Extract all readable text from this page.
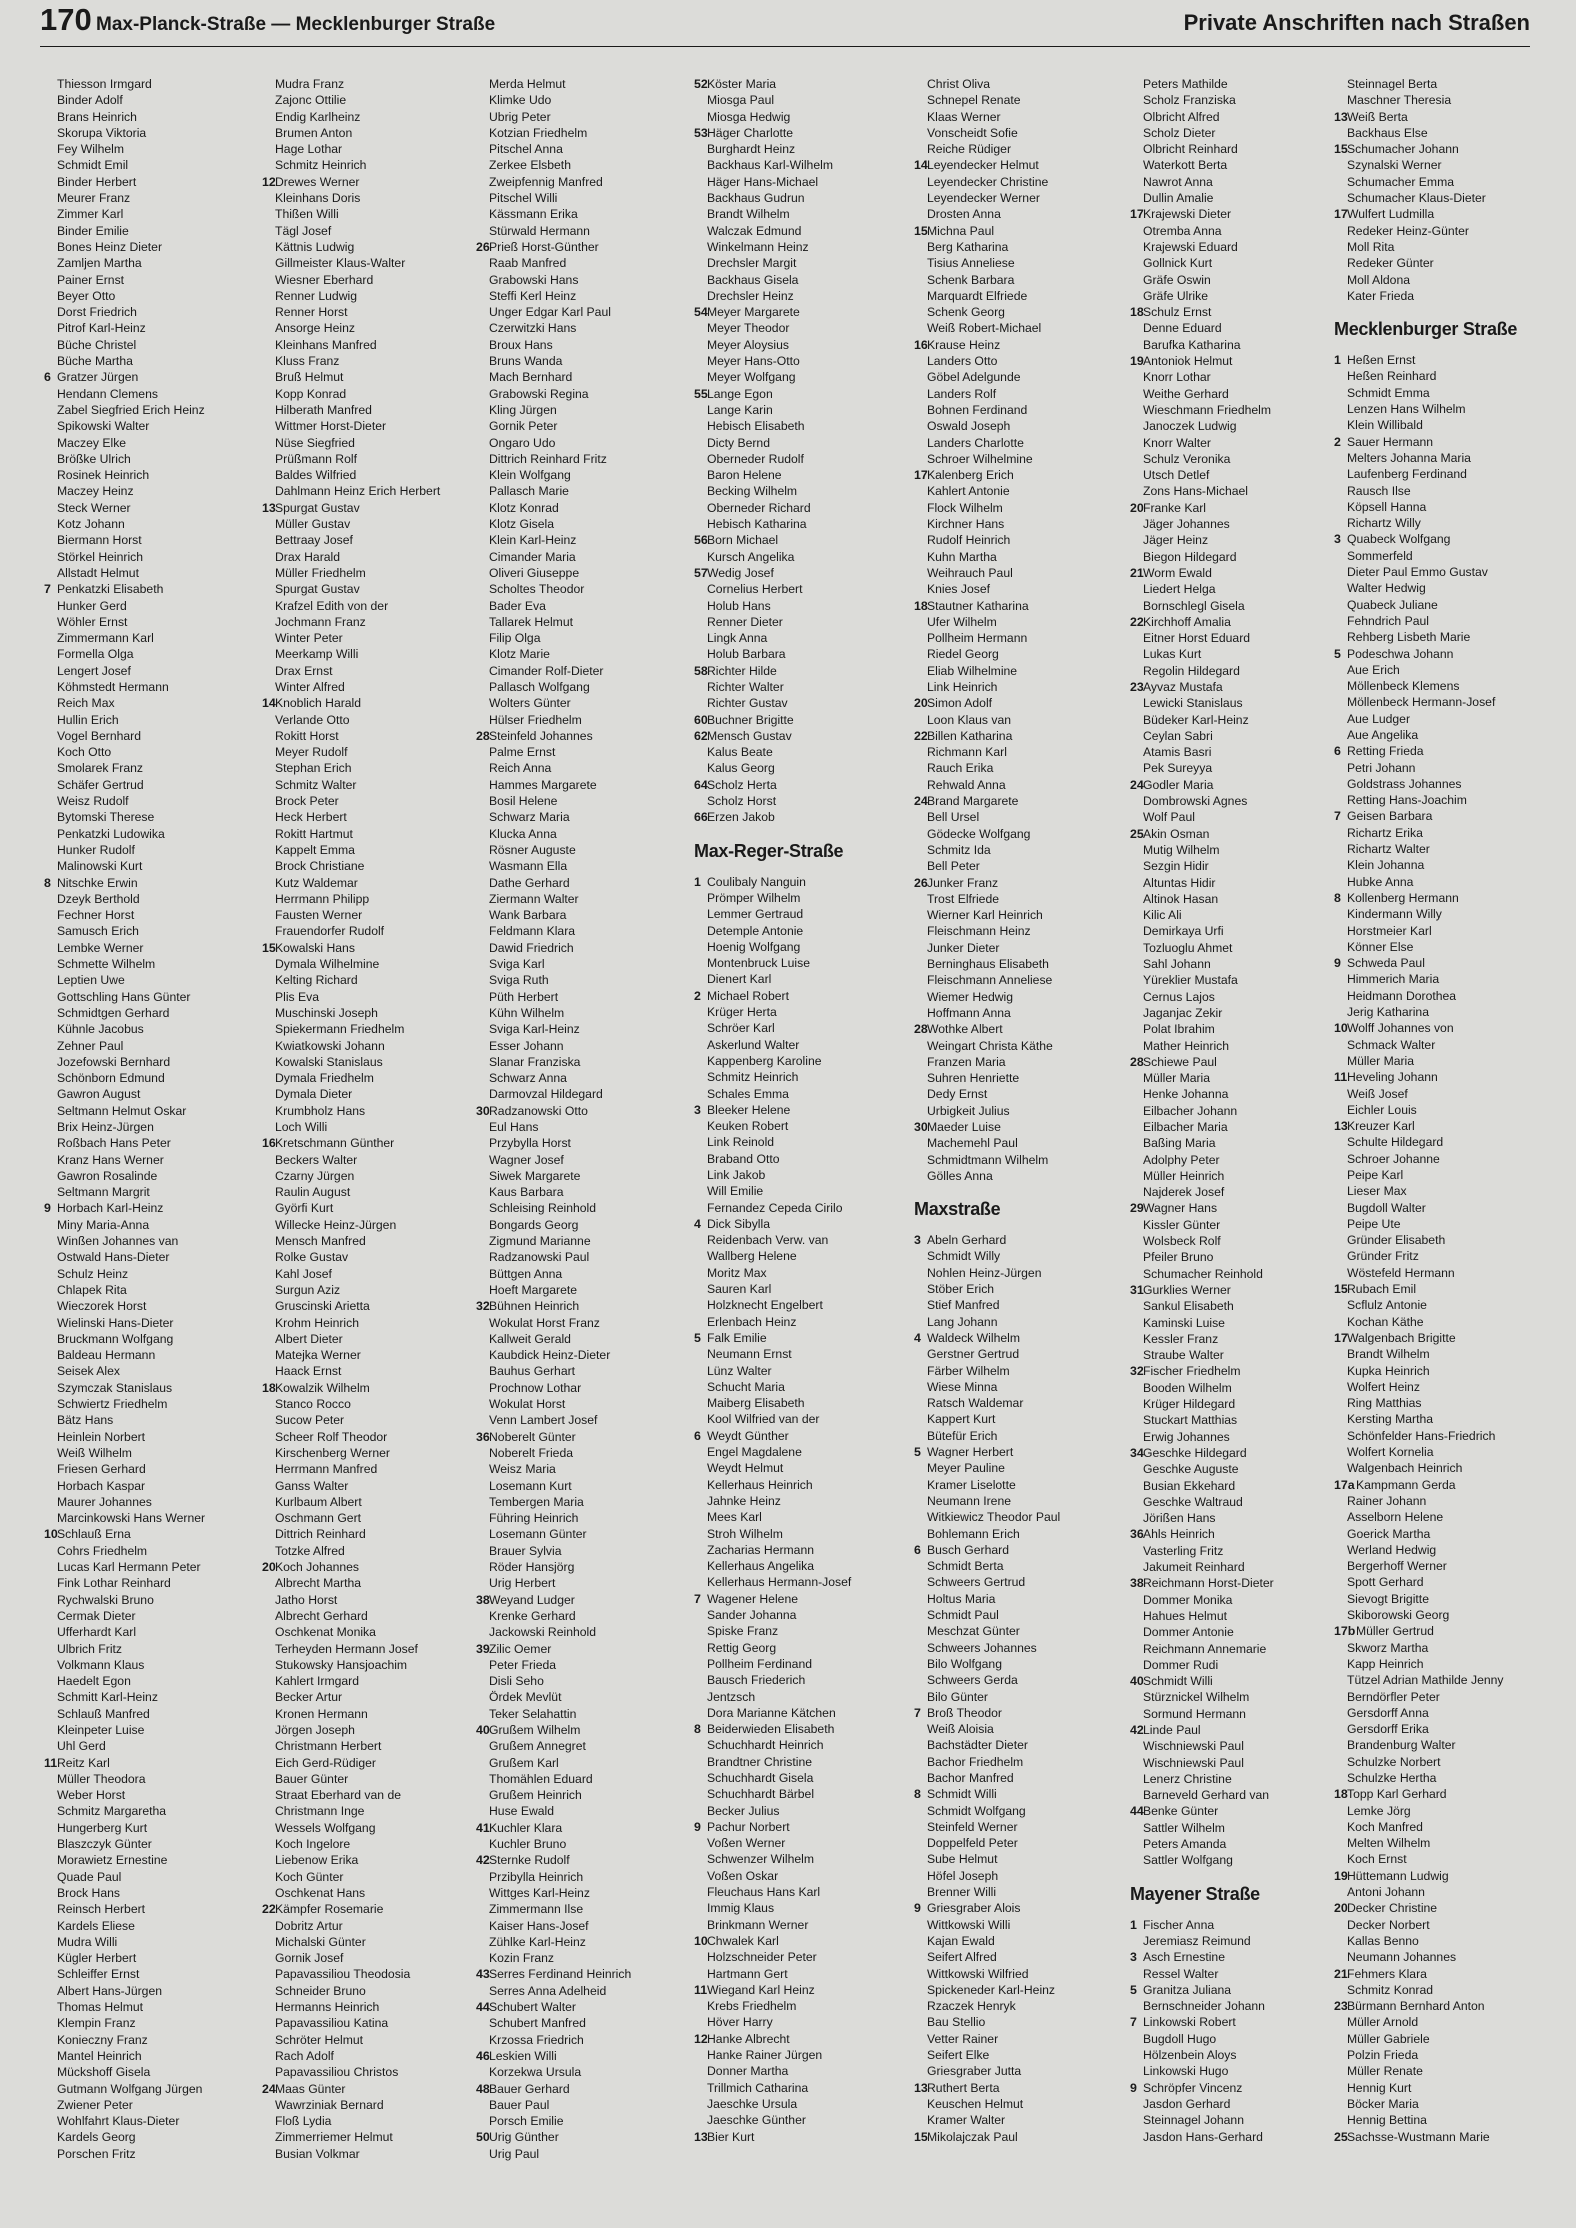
170 Max-Planck-Straße — Mecklenburger Straße	Private Anschriften nach Straßen
Thiesson Irmgard
Binder Adolf
Brans Heinrich
Skorupa Viktoria
Fey Wilhelm
Schmidt Emil
Binder Herbert
Meurer Franz
Zimmer Karl
Binder Emilie
Bones Heinz Dieter
Zamljen Martha
Painer Ernst
Beyer Otto
Dorst Friedrich
Pitrof Karl-Heinz
Büche Christel
Büche Martha
6 Gratzer Jürgen
Hendann Clemens
Zabel Siegfried Erich Heinz
Spikowski Walter
Maczey Elke
Brößke Ulrich
Rosinek Heinrich
Maczey Heinz
Steck Werner
Kotz Johann
Biermann Horst
Störkel Heinrich
Allstadt Helmut
7 Penkatzki Elisabeth
Hunker Gerd
Wöhler Ernst
Zimmermann Karl
Formella Olga
Lengert Josef
Köhmstedt Hermann
Reich Max
Hullin Erich
Vogel Bernhard
Koch Otto
Smolarek Franz
Schäfer Gertrud
Weisz Rudolf
Bytomski Therese
Penkatzki Ludowika
Hunker Rudolf
Malinowski Kurt
8 Nitschke Erwin
Dzeyk Berthold
Fechner Horst
Samusch Erich
Lembke Werner
Schmette Wilhelm
Leptien Uwe
Gottschling Hans Günter
Schmidtgen Gerhard
Kühnle Jacobus
Zehner Paul
Jozefowski Bernhard
Schönborn Edmund
Gawron August
Seltmann Helmut Oskar
Brix Heinz-Jürgen
Roßbach Hans Peter
Kranz Hans Werner
Gawron Rosalinde
Seltmann Margrit
9 Horbach Karl-Heinz
Miny Maria-Anna
Winßen Johannes van
Ostwald Hans-Dieter
Schulz Heinz
Chlapek Rita
Wieczorek Horst
Wielinski Hans-Dieter
Bruckmann Wolfgang
Baldeau Hermann
Seisek Alex
Szymczak Stanislaus
Schwiertz Friedhelm
Bätz Hans
Heinlein Norbert
Weiß Wilhelm
Friesen Gerhard
Horbach Kaspar
Maurer Johannes
Marcinkowski Hans Werner
10Schlauß Erna
Cohrs Friedhelm
Lucas Karl Hermann Peter
Fink Lothar Reinhard
Rychwalski Bruno
Cermak Dieter
Ufferhardt Karl
Ulbrich Fritz
Volkmann Klaus
Haedelt Egon
Schmitt Karl-Heinz
Schlauß Manfred
Kleinpeter Luise
Uhl Gerd
11Reitz Karl
Müller Theodora
Weber Horst
Schmitz Margaretha
Hungerberg Kurt
Blaszczyk Günter
Morawietz Ernestine
Quade Paul
Brock Hans
Reinsch Herbert
Kardels Eliese
Mudra Willi
Kügler Herbert
Schleiffer Ernst
Albert Hans-Jürgen
Thomas Helmut
Klempin Franz
Konieczny Franz
Mantel Heinrich
Mückshoff Gisela
Gutmann Wolfgang Jürgen
Zwiener Peter
Wohlfahrt Klaus-Dieter
Kardels Georg
Porschen Fritz
Mudra Franz
Zajonc Ottilie
Endig Karlheinz
Brumen Anton
Hage Lothar
Schmitz Heinrich
12Drewes Werner
Kleinhans Doris
Thißen Willi
Tägl Josef
Kättnis Ludwig
Gillmeister Klaus-Walter
Wiesner Eberhard
Renner Ludwig
Renner Horst
Ansorge Heinz
Kleinhans Manfred
Kluss Franz
Bruß Helmut
Kopp Konrad
Hilberath Manfred
Wittmer Horst-Dieter
Nüse Siegfried
Prüßmann Rolf
Baldes Wilfried
Dahlmann Heinz Erich Herbert
13Spurgat Gustav
Müller Gustav
Bettraay Josef
Drax Harald
Müller Friedhelm
Spurgat Gustav
Krafzel Edith von der
Jochmann Franz
Winter Peter
Meerkamp Willi
Drax Ernst
Winter Alfred
14Knoblich Harald
Verlande Otto
Rokitt Horst
Meyer Rudolf
Stephan Erich
Schmitz Walter
Brock Peter
Heck Herbert
Rokitt Hartmut
Kappelt Emma
Brock Christiane
Kutz Waldemar
Herrmann Philipp
Fausten Werner
Frauendorfer Rudolf
15Kowalski Hans
Dymala Wilhelmine
Kelting Richard
Plis Eva
Muschinski Joseph
Spiekermann Friedhelm
Kwiatkowski Johann
Kowalski Stanislaus
Dymala Friedhelm
Dymala Dieter
Krumbholz Hans
Loch Willi
16Kretschmann Günther
Beckers Walter
Czarny Jürgen
Raulin August
Györfi Kurt
Willecke Heinz-Jürgen
Mensch Manfred
Rolke Gustav
Kahl Josef
Surgun Aziz
Gruscinski Arietta
Krohm Heinrich
Albert Dieter
Matejka Werner
Haack Ernst
18Kowalzik Wilhelm
Stanco Rocco
Sucow Peter
Scheer Rolf Theodor
Kirschenberg Werner
Herrmann Manfred
Ganss Walter
Kurlbaum Albert
Oschmann Gert
Dittrich Reinhard
Totzke Alfred
20Koch Johannes
Albrecht Martha
Jatho Horst
Albrecht Gerhard
Oschkenat Monika
Terheyden Hermann Josef
Stukowsky Hansjoachim
Kahlert Irmgard
Becker Artur
Kronen Hermann
Jörgen Joseph
Christmann Herbert
Eich Gerd-Rüdiger
Bauer Günter
Straat Eberhard van de
Christmann Inge
Wessels Wolfgang
Koch Ingelore
Liebenow Erika
Koch Günter
Oschkenat Hans
22Kämpfer Rosemarie
Dobritz Artur
Michalski Günter
Gornik Josef
Papavassiliou Theodosia
Schneider Bruno
Hermanns Heinrich
Papavassiliou Katina
Schröter Helmut
Rach Adolf
Papavassiliou Christos
24Maas Günter
Wawrziniak Bernard
Floß Lydia
Zimmerriemer Helmut
Busian Volkmar
Merda Helmut
Klimke Udo
Ubrig Peter
Kotzian Friedhelm
Pitschel Anna
Zerkee Elsbeth
Zweipfennig Manfred
Pitschel Willi
Kässmann Erika
Stürwald Hermann
26Prieß Horst-Günther
Raab Manfred
Grabowski Hans
Steffi Kerl Heinz
Unger Edgar Karl Paul
Czerwitzki Hans
Broux Hans
Bruns Wanda
Mach Bernhard
Grabowski Regina
Kling Jürgen
Gornik Peter
Ongaro Udo
Dittrich Reinhard Fritz
Klein Wolfgang
Pallasch Marie
Klotz Konrad
Klotz Gisela
Klein Karl-Heinz
Cimander Maria
Oliveri Giuseppe
Scholtes Theodor
Bader Eva
Tallarek Helmut
Filip Olga
Klotz Marie
Cimander Rolf-Dieter
Pallasch Wolfgang
Wolters Günter
Hülser Friedhelm
28Steinfeld Johannes
Palme Ernst
Reich Anna
Hammes Margarete
Bosil Helene
Schwarz Maria
Klucka Anna
Rösner Auguste
Wasmann Ella
Dathe Gerhard
Ziermann Walter
Wank Barbara
Feldmann Klara
Dawid Friedrich
Sviga Karl
Sviga Ruth
Püth Herbert
Kühn Wilhelm
Sviga Karl-Heinz
Esser Johann
Slanar Franziska
Schwarz Anna
Darmovzal Hildegard
30Radzanowski Otto
Eul Hans
Przybylla Horst
Wagner Josef
Siwek Margarete
Kaus Barbara
Schleising Reinhold
Bongards Georg
Zigmund Marianne
Radzanowski Paul
Büttgen Anna
Hoeft Margarete
32Bühnen Heinrich
Wokulat Horst Franz
Kallweit Gerald
Kaubdick Heinz-Dieter
Bauhus Gerhart
Prochnow Lothar
Wokulat Horst
Venn Lambert Josef
36Noberelt Günter
Noberelt Frieda
Weisz Maria
Losemann Kurt
Tembergen Maria
Führing Heinrich
Losemann Günter
Brauer Sylvia
Röder Hansjörg
Urig Herbert
38Weyand Ludger
Krenke Gerhard
Jackowski Reinhold
39Zilic Oemer
Peter Frieda
Disli Seho
Ördek Mevlüt
Teker Selahattin
40Grußem Wilhelm
Grußem Annegret
Grußem Karl
Thomählen Eduard
Grußem Heinrich
Huse Ewald
41Kuchler Klara
Kuchler Bruno
42Sternke Rudolf
Przibylla Heinrich
Wittges Karl-Heinz
Zimmermann Ilse
Kaiser Hans-Josef
Zühlke Karl-Heinz
Kozin Franz
43Serres Ferdinand Heinrich
Serres Anna Adelheid
44Schubert Walter
Schubert Manfred
Krzossa Friedrich
46Leskien Willi
Korzekwa Ursula
48Bauer Gerhard
Bauer Paul
Porsch Emilie
50Urig Günther
Urig Paul
52Köster Maria
Miosga Paul
Miosga Hedwig
53Häger Charlotte
Burghardt Heinz
Backhaus Karl-Wilhelm
Häger Hans-Michael
Backhaus Gudrun
Brandt Wilhelm
Walczak Edmund
Winkelmann Heinz
Drechsler Margit
Backhaus Gisela
Drechsler Heinz
54Meyer Margarete
Meyer Theodor
Meyer Aloysius
Meyer Hans-Otto
Meyer Wolfgang
55Lange Egon
Lange Karin
Hebisch Elisabeth
Dicty Bernd
Oberneder Rudolf
Baron Helene
Becking Wilhelm
Oberneder Richard
Hebisch Katharina
56Born Michael
Kursch Angelika
57Wedig Josef
Cornelius Herbert
Holub Hans
Renner Dieter
Lingk Anna
Holub Barbara
58Richter Hilde
Richter Walter
Richter Gustav
60Buchner Brigitte
62Mensch Gustav
Kalus Beate
Kalus Georg
64Scholz Herta
Scholz Horst
66Erzen Jakob
Max-Reger-Straße
1 Coulibaly Nanguin
Prömper Wilhelm
Lemmer Gertraud
Detemple Antonie
Hoenig Wolfgang
Montenbruck Luise
Dienert Karl
2 Michael Robert
Krüger Herta
Schröer Karl
Askerlund Walter
Kappenberg Karoline
Schmitz Heinrich
Schales Emma
3 Bleeker Helene
Keuken Robert
Link Reinold
Braband Otto
Link Jakob
Will Emilie
Fernandez Cepeda Cirilo
4 Dick Sibylla
Reidenbach Verw. van
Wallberg Helene
Moritz Max
Sauren Karl
Holzknecht Engelbert
Erlenbach Heinz
5 Falk Emilie
Neumann Ernst
Lünz Walter
Schucht Maria
Maiberg Elisabeth
Kool Wilfried van der
6 Weydt Günther
Engel Magdalene
Weydt Helmut
Kellerhaus Heinrich
Jahnke Heinz
Mees Karl
Stroh Wilhelm
Zacharias Hermann
Kellerhaus Angelika
Kellerhaus Hermann-Josef
7 Wagener Helene
Sander Johanna
Spiske Franz
Rettig Georg
Pollheim Ferdinand
Bausch Friederich
Jentzsch
Dora Marianne Kätchen
8 Beiderwieden Elisabeth
Schuchhardt Heinrich
Brandtner Christine
Schuchhardt Gisela
Schuchhardt Bärbel
Becker Julius
9 Pachur Norbert
Voßen Werner
Schwenzer Wilhelm
Voßen Oskar
Fleuchaus Hans Karl
Immig Klaus
Brinkmann Werner
10Chwalek Karl
Holzschneider Peter
Hartmann Gert
11Wiegand Karl Heinz
Krebs Friedhelm
Höver Harry
12Hanke Albrecht
Hanke Rainer Jürgen
Donner Martha
Trillmich Catharina
Jaeschke Ursula
Jaeschke Günther
13Bier Kurt
Christ Oliva
Schnepel Renate
Klaas Werner
Vonscheidt Sofie
Reiche Rüdiger
14Leyendecker Helmut
Leyendecker Christine
Leyendecker Werner
Drosten Anna
15Michna Paul
Berg Katharina
Tisius Anneliese
Schenk Barbara
Marquardt Elfriede
Schenk Georg
Weiß Robert-Michael
16Krause Heinz
Landers Otto
Göbel Adelgunde
Landers Rolf
Bohnen Ferdinand
Oswald Joseph
Landers Charlotte
Schroer Wilhelmine
17Kalenberg Erich
Kahlert Antonie
Flock Wilhelm
Kirchner Hans
Rudolf Heinrich
Kuhn Martha
Weihrauch Paul
Knies Josef
18Stautner Katharina
Ufer Wilhelm
Pollheim Hermann
Riedel Georg
Eliab Wilhelmine
Link Heinrich
20Simon Adolf
Loon Klaus van
22Billen Katharina
Richmann Karl
Rauch Erika
Rehwald Anna
24Brand Margarete
Bell Ursel
Gödecke Wolfgang
Schmitz Ida
Bell Peter
26Junker Franz
Trost Elfriede
Wierner Karl Heinrich
Fleischmann Heinz
Junker Dieter
Berninghaus Elisabeth
Fleischmann Anneliese
Wiemer Hedwig
Hoffmann Anna
28Wothke Albert
Weingart Christa Käthe
Franzen Maria
Suhren Henriette
Dedy Ernst
Urbigkeit Julius
30Maeder Luise
Machemehl Paul
Schmidtmann Wilhelm
Gölles Anna
Maxstraße
3 Abeln Gerhard
Schmidt Willy
Nohlen Heinz-Jürgen
Stöber Erich
Stief Manfred
Lang Johann
4 Waldeck Wilhelm
Gerstner Gertrud
Färber Wilhelm
Wiese Minna
Ratsch Waldemar
Kappert Kurt
Bütefür Erich
5 Wagner Herbert
Meyer Pauline
Kramer Liselotte
Neumann Irene
Witkiewicz Theodor Paul
Bohlemann Erich
6 Busch Gerhard
Schmidt Berta
Schweers Gertrud
Holtus Maria
Schmidt Paul
Meschzat Günter
Schweers Johannes
Bilo Wolfgang
Schweers Gerda
Bilo Günter
7 Broß Theodor
Weiß Aloisia
Bachstädter Dieter
Bachor Friedhelm
Bachor Manfred
8 Schmidt Willi
Schmidt Wolfgang
Steinfeld Werner
Doppelfeld Peter
Sube Helmut
Höfel Joseph
Brenner Willi
9 Griesgraber Alois
Wittkowski Willi
Kajan Ewald
Seifert Alfred
Wittkowski Wilfried
Spickeneder Karl-Heinz
Rzaczek Henryk
Bau Stellio
Vetter Rainer
Seifert Elke
Griesgraber Jutta
13Ruthert Berta
Keuschen Helmut
Kramer Walter
15Mikolajczak Paul
Peters Mathilde
Scholz Franziska
Olbricht Alfred
Scholz Dieter
Olbricht Reinhard
Waterkott Berta
Nawrot Anna
Dullin Amalie
17Krajewski Dieter
Otremba Anna
Krajewski Eduard
Gollnick Kurt
Gräfe Oswin
Gräfe Ulrike
18Schulz Ernst
Denne Eduard
Barufka Katharina
19Antoniok Helmut
Knorr Lothar
Weithe Gerhard
Wieschmann Friedhelm
Janoczek Ludwig
Knorr Walter
Schulz Veronika
Utsch Detlef
Zons Hans-Michael
20Franke Karl
Jäger Johannes
Jäger Heinz
Biegon Hildegard
21Worm Ewald
Liedert Helga
Bornschlegl Gisela
22Kirchhoff Amalia
Eitner Horst Eduard
Lukas Kurt
Regolin Hildegard
23Ayvaz Mustafa
Lewicki Stanislaus
Büdeker Karl-Heinz
Ceylan Sabri
Atamis Basri
Pek Sureyya
24Godler Maria
Dombrowski Agnes
Wolf Paul
25Akin Osman
Mutig Wilhelm
Sezgin Hidir
Altuntas Hidir
Altinok Hasan
Kilic Ali
Demirkaya Urfi
Tozluoglu Ahmet
Sahl Johann
Yüreklier Mustafa
Cernus Lajos
Jaganjac Zekir
Polat Ibrahim
Mather Heinrich
28Schiewe Paul
Müller Maria
Henke Johanna
Eilbacher Johann
Eilbacher Maria
Baßing Maria
Adolphy Peter
Müller Heinrich
Najderek Josef
29Wagner Hans
Kissler Günter
Wolsbeck Rolf
Pfeiler Bruno
Schumacher Reinhold
31Gurklies Werner
Sankul Elisabeth
Kaminski Luise
Kessler Franz
Straube Walter
32Fischer Friedhelm
Booden Wilhelm
Krüger Hildegard
Stuckart Matthias
Erwig Johannes
34Geschke Hildegard
Geschke Auguste
Busian Ekkehard
Geschke Waltraud
Jörißen Hans
36Ahls Heinrich
Vasterling Fritz
Jakumeit Reinhard
38Reichmann Horst-Dieter
Dommer Monika
Hahues Helmut
Dommer Antonie
Reichmann Annemarie
Dommer Rudi
40Schmidt Willi
Stürznickel Wilhelm
Sormund Hermann
42Linde Paul
Wischniewski Paul
Wischniewski Paul
Lenerz Christine
Barneveld Gerhard van
44Benke Günter
Sattler Wilhelm
Peters Amanda
Sattler Wolfgang
Mayener Straße
1 Fischer Anna
Jeremiasz Reimund
3 Asch Ernestine
Ressel Walter
5 Granitza Juliana
Bernschneider Johann
7 Linkowski Robert
Bugdoll Hugo
Hölzenbein Aloys
Linkowski Hugo
9 Schröpfer Vincenz
Jasdon Gerhard
Steinnagel Johann
Jasdon Hans-Gerhard
Steinnagel Berta
Maschner Theresia
13Weiß Berta
Backhaus Else
15Schumacher Johann
Szynalski Werner
Schumacher Emma
Schumacher Klaus-Dieter
17Wulfert Ludmilla
Redeker Heinz-Günter
Moll Rita
Redeker Günter
Moll Aldona
Kater Frieda
Mecklenburger Straße
1 Heßen Ernst
Heßen Reinhard
Schmidt Emma
Lenzen Hans Wilhelm
Klein Willibald
2 Sauer Hermann
Melters Johanna Maria
Laufenberg Ferdinand
Rausch Ilse
Köpsell Hanna
Richartz Willy
3 Quabeck Wolfgang
Sommerfeld
Dieter Paul Emmo Gustav
Walter Hedwig
Quabeck Juliane
Fehndrich Paul
Rehberg Lisbeth Marie
5 Podeschwa Johann
Aue Erich
Möllenbeck Klemens
Möllenbeck Hermann-Josef
Aue Ludger
Aue Angelika
6 Retting Frieda
Petri Johann
Goldstrass Johannes
Retting Hans-Joachim
7 Geisen Barbara
Richartz Erika
Richartz Walter
Klein Johanna
Hubke Anna
8 Kollenberg Hermann
Kindermann Willy
Horstmeier Karl
Könner Else
9 Schweda Paul
Himmerich Maria
Heidmann Dorothea
Jerig Katharina
10Wolff Johannes von
Schmack Walter
Müller Maria
11Heveling Johann
Weiß Josef
Eichler Louis
13Kreuzer Karl
Schulte Hildegard
Schroer Johanne
Peipe Karl
Lieser Max
Bugdoll Walter
Peipe Ute
Gründer Elisabeth
Gründer Fritz
Wöstefeld Hermann
15Rubach Emil
Scflulz Antonie
Kochan Käthe
17Walgenbach Brigitte
Brandt Wilhelm
Kupka Heinrich
Wolfert Heinz
Ring Matthias
Kersting Martha
Schönfelder Hans-Friedrich
Wolfert Kornelia
Walgenbach Heinrich
17aKampmann Gerda
Rainer Johann
Asselborn Helene
Goerick Martha
Werland Hedwig
Bergerhoff Werner
Spott Gerhard
Sievogt Brigitte
Skiborowski Georg
17bMüller Gertrud
Skworz Martha
Kapp Heinrich
Tützel Adrian Mathilde Jenny
Berndörfler Peter
Gersdorff Anna
Gersdorff Erika
Brandenburg Walter
Schulzke Norbert
Schulzke Hertha
18Topp Karl Gerhard
Lemke Jörg
Koch Manfred
Melten Wilhelm
Koch Ernst
19Hüttemann Ludwig
Antoni Johann
20Decker Christine
Decker Norbert
Kallas Benno
Neumann Johannes
21Fehmers Klara
Schmitz Konrad
23Bürmann Bernhard Anton
Müller Arnold
Müller Gabriele
Polzin Frieda
Müller Renate
Hennig Kurt
Böcker Maria
Hennig Bettina
25Sachsse-Wustmann Marie
